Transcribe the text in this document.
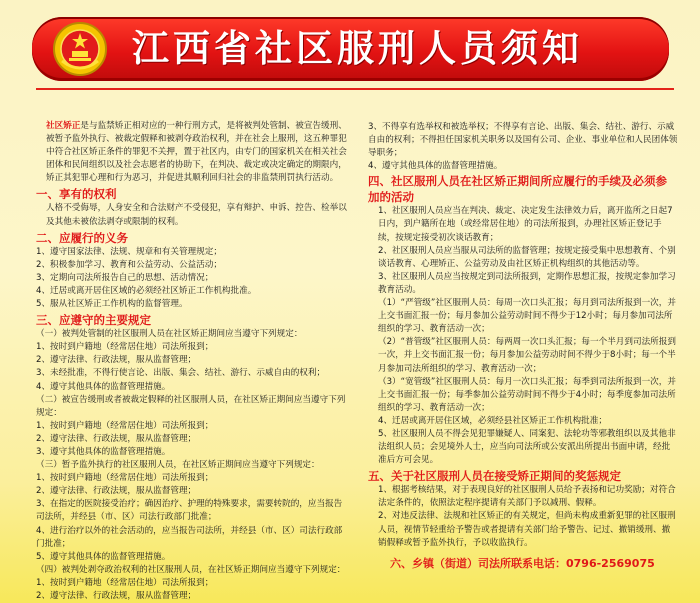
江西省社区服刑人员须知

社区矫正是与监禁矫正相对应的一种行刑方式，是将被判处管制、被宣告缓刑、被暂予监外执行、被裁定假释和被剥夺政治权利，并在社会上服刑，这五种罪犯中符合社区矫正条件的罪犯不关押，置于社区内，由专门的国家机关在相关社会团体和民间组织以及社会志愿者的协助下，在判决、裁定或决定确定的期限内，矫正其犯罪心理和行为恶习，并促进其顺利回归社会的非监禁刑罚执行活动。

一、享有的权利

人格不受侮辱，人身安全和合法财产不受侵犯，享有辩护、申诉、控告、检举以及其他未被依法剥夺或限制的权利。

二、应履行的义务

1、遵守国家法律、法规、规章和有关管理规定；

2、积极参加学习、教育和公益劳动、公益活动；

3、定期向司法所报告自己的思想、活动情况；

4、迁居或离开居住区域的必须经社区矫正工作机构批准。

5、服从社区矫正工作机构的监督管理。

三、应遵守的主要规定

（一）被判处管制的社区服刑人员在社区矫正期间应当遵守下列规定：

1、按时到户籍地（经常居住地）司法所报到；

2、遵守法律、行政法规，服从监督管理；

3、未经批准，不得行使言论、出版、集会、结社、游行、示威自由的权利；

4、遵守其他具体的监督管理措施。

（二）被宣告缓刑或者被裁定假释的社区服刑人员，在社区矫正期间应当遵守下列规定：

1、按时到户籍地（经常居住地）司法所报到；

2、遵守法律、行政法规，服从监督管理；

3、遵守其他具体的监督管理措施。

（三）暂予监外执行的社区服刑人员，在社区矫正期间应当遵守下列规定：

1、按时到户籍地（经常居住地）司法所报到；

2、遵守法律、行政法规，服从监督管理；

3、在指定的医院接受治疗；确因治疗、护理的特殊要求，需要转院的，应当报告司法所，并经县（市、区）司法行政部门批准；

4、进行治疗以外的社会活动的，应当报告司法所，并经县（市、区）司法行政部门批准；

5、遵守其他具体的监督管理措施。

（四）被判处剥夺政治权利的社区服刑人员，在社区矫正期间应当遵守下列规定：

1、按时到户籍地（经常居住地）司法所报到；

2、遵守法律、行政法规，服从监督管理；

3、不得享有选举权和被选举权；不得享有言论、出版、集会、结社、游行、示威自由的权利；不得担任国家机关职务以及国有公司、企业、事业单位和人民团体领导职务；

4、遵守其他具体的监督管理措施。

四、社区服刑人员在社区矫正期间所应履行的手续及必须参加的活动

1、社区服刑人员应当在判决、裁定、决定发生法律效力后，离开监所之日起7日内，到户籍所在地（或经常居住地）的司法所报到，办理社区矫正登记手续，按规定接受初次谈话教育；

2、社区服刑人员应当服从司法所的监督管理；按规定接受集中思想教育、个别谈话教育、心理矫正、公益劳动及由社区矫正机构组织的其他活动等。

3、社区服刑人员应当按规定到司法所报到，定期作思想汇报，按规定参加学习教育活动。

（1）“严管级”社区服刑人员：每周一次口头汇报；每月到司法所报到一次，并上交书面汇报一份；每月参加公益劳动时间不得少于12小时；每月参加司法所组织的学习、教育活动一次；

（2）“普管级”社区服刑人员：每两周一次口头汇报；每一个半月到司法所报到一次，并上交书面汇报一份；每月参加公益劳动时间不得少于8小时；每一个半月参加司法所组织的学习、教育活动一次；

（3）“宽管级”社区服刑人员：每月一次口头汇报；每季到司法所报到一次，并上交书面汇报一份；每季参加公益劳动时间不得少于4小时；每季度参加司法所组织的学习、教育活动一次；

4、迁居或离开居住区域，必须经县社区矫正工作机构批准；

5、社区服刑人员不得会见犯罪嫌疑人、同案犯、法轮功等邪教组织以及其他非法组织人员；会见境外人士，应当向司法所或公安派出所提出书面申请，经批准后方可会见。

五、关于社区服刑人员在接受矫正期间的奖惩规定

1、根据考核结果，对于表现良好的社区服刑人员给予表扬和记功奖励；对符合法定条件的，依照法定程序提请有关部门予以减刑、假释。

2、对违反法律、法规和社区矫正的有关规定，但尚未构成重新犯罪的社区服刑人员，视情节轻重给予警告或者提请有关部门给予警告、记过、撤销缓刑、撤销假释或暂予监外执行，予以收监执行。

六、乡镇（街道）司法所联系电话：0796-2569075
